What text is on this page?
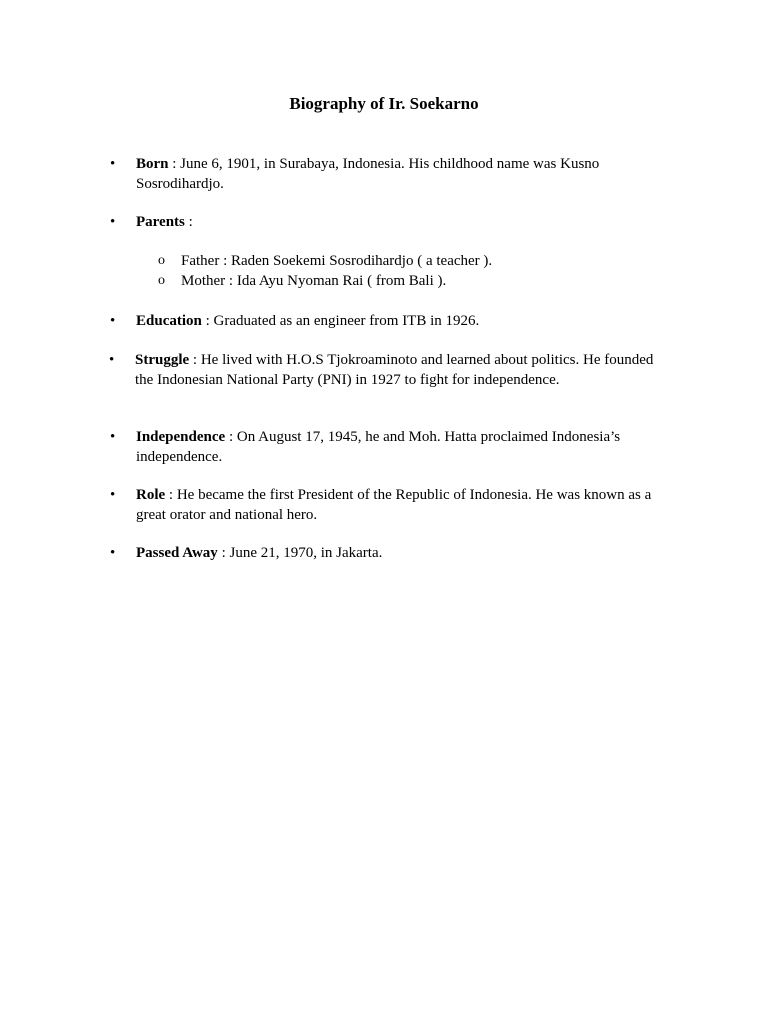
Biography of Ir. Soekarno
•	Born : June 6, 1901, in Surabaya, Indonesia. His childhood name was Kusno Sosrodihardjo.
•	Parents :
o Father : Raden Soekemi Sosrodihardjo ( a teacher ).
o Mother : Ida Ayu Nyoman Rai ( from Bali ).
•	Education : Graduated as an engineer from ITB in 1926.
•	Struggle : He lived with H.O.S Tjokroaminoto and learned about politics. He founded the Indonesian National Party (PNI) in 1927 to fight for independence.
•	Independence : On August 17, 1945, he and Moh. Hatta proclaimed Indonesia’s independence.
•	Role : He became the first President of the Republic of Indonesia. He was known as a great orator and national hero.
•	Passed Away : June 21, 1970, in Jakarta.
